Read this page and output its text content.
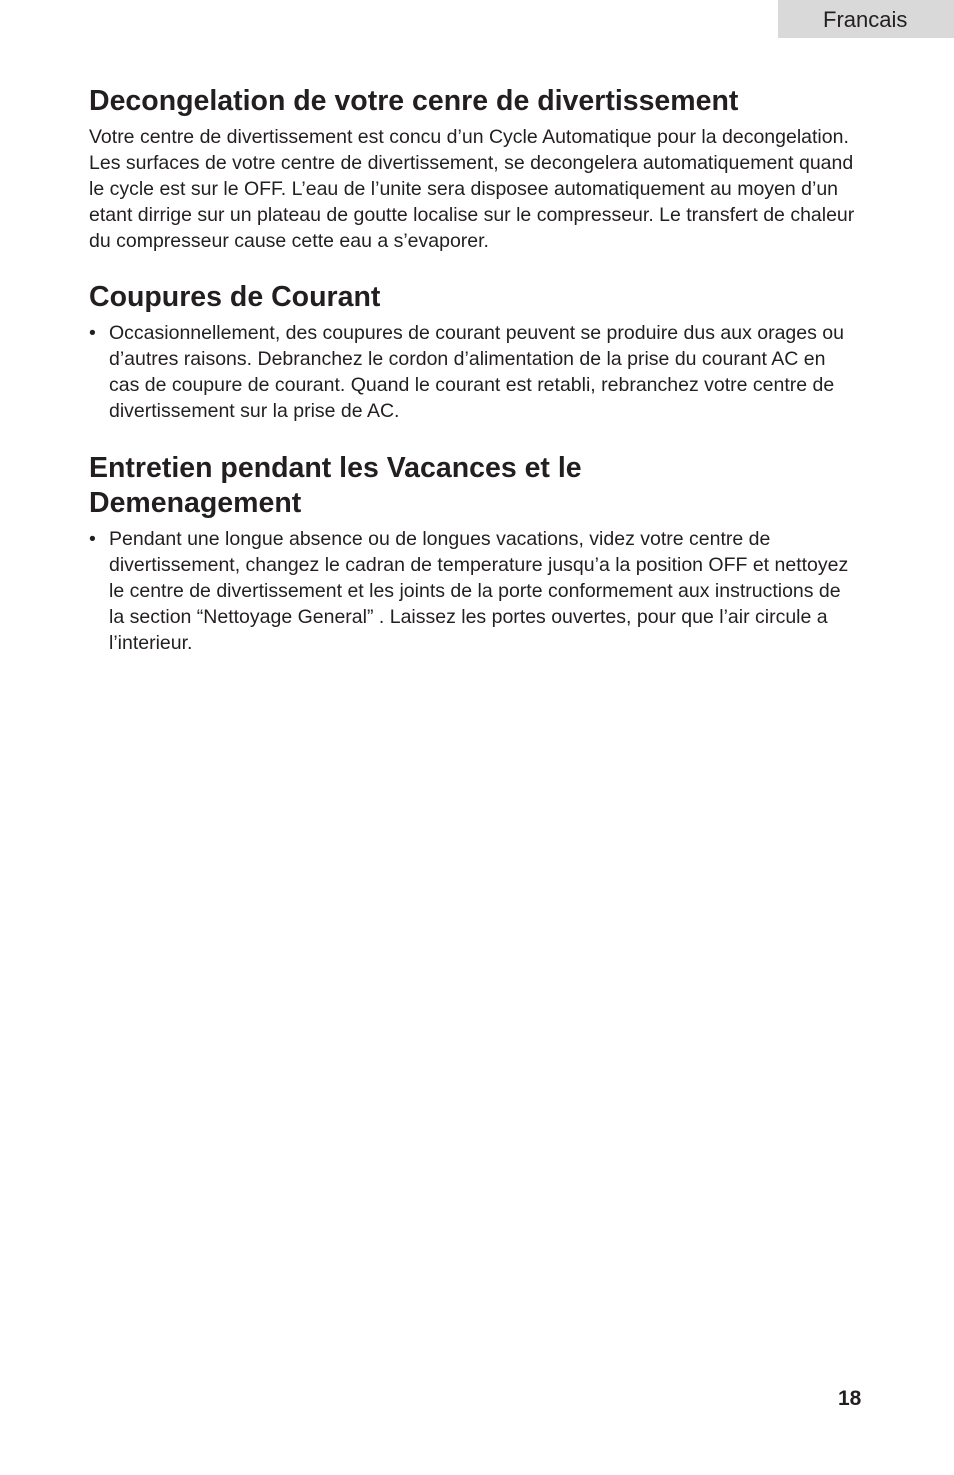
Francais
Decongelation de votre cenre de divertissement

Votre centre de divertissement est concu d’un Cycle Automatique pour la decongelation. Les surfaces de votre centre de divertissement, se decongelera automatiquement quand le cycle est sur le OFF. L’eau de l’unite sera disposee automatiquement au moyen d’un etant dirrige sur un plateau de goutte localise sur le compresseur. Le transfert de chaleur du compresseur cause cette eau a s’evaporer.

Coupures de Courant
• Occasionnellement, des coupures de courant peuvent se produire dus aux orages ou d’autres raisons. Debranchez le cordon d’alimentation de la prise du courant AC en cas de coupure de courant. Quand le courant est retabli, rebranchez votre centre de divertissement sur la prise de AC.
Entretien pendant les Vacances et le
Demenagement
• Pendant une longue absence ou de longues vacations, videz votre centre de divertissement, changez le cadran de temperature jusqu’a la position OFF et nettoyez le centre de divertissement et les joints de la porte conformement aux instructions de la section “Nettoyage General” . Laissez les portes ouvertes, pour que l’air circule a l’interieur.
18
